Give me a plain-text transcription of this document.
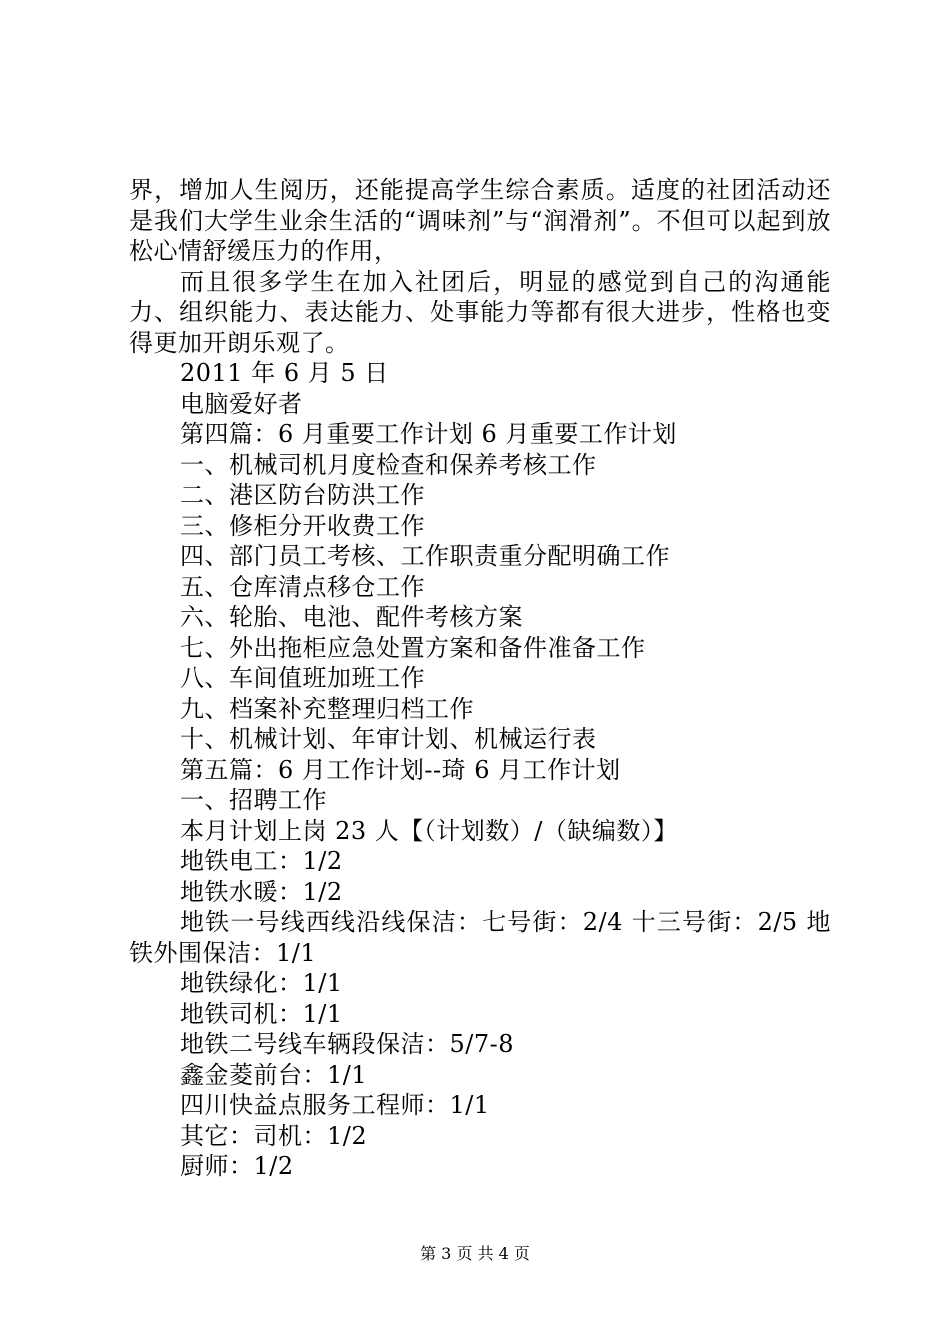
界，增加人生阅历，还能提高学生综合素质。适度的社团活动还是我们大学生业余生活的“调味剂”与“润滑剂”。不但可以起到放松心情舒缓压力的作用，

而且很多学生在加入社团后，明显的感觉到自己的沟通能力、组织能力、表达能力、处事能力等都有很大进步，性格也变得更加开朗乐观了。

2011 年 6 月 5 日

电脑爱好者

第四篇：6 月重要工作计划 6 月重要工作计划

一、机械司机月度检查和保养考核工作

二、港区防台防洪工作

三、修柜分开收费工作

四、部门员工考核、工作职责重分配明确工作

五、仓库清点移仓工作

六、轮胎、电池、配件考核方案

七、外出拖柜应急处置方案和备件准备工作

八、车间值班加班工作

九、档案补充整理归档工作

十、机械计划、年审计划、机械运行表

第五篇：6 月工作计划--琦 6 月工作计划

一、招聘工作

本月计划上岗 23 人【（计划数）/（缺编数）】

地铁电工：1/2

地铁水暖：1/2

地铁一号线西线沿线保洁：七号街：2/4 十三号街：2/5 地铁外围保洁：1/1

地铁绿化：1/1

地铁司机：1/1

地铁二号线车辆段保洁：5/7-8

鑫金菱前台：1/1

四川快益点服务工程师：1/1

其它：司机：1/2

厨师：1/2

第 3 页 共 4 页
